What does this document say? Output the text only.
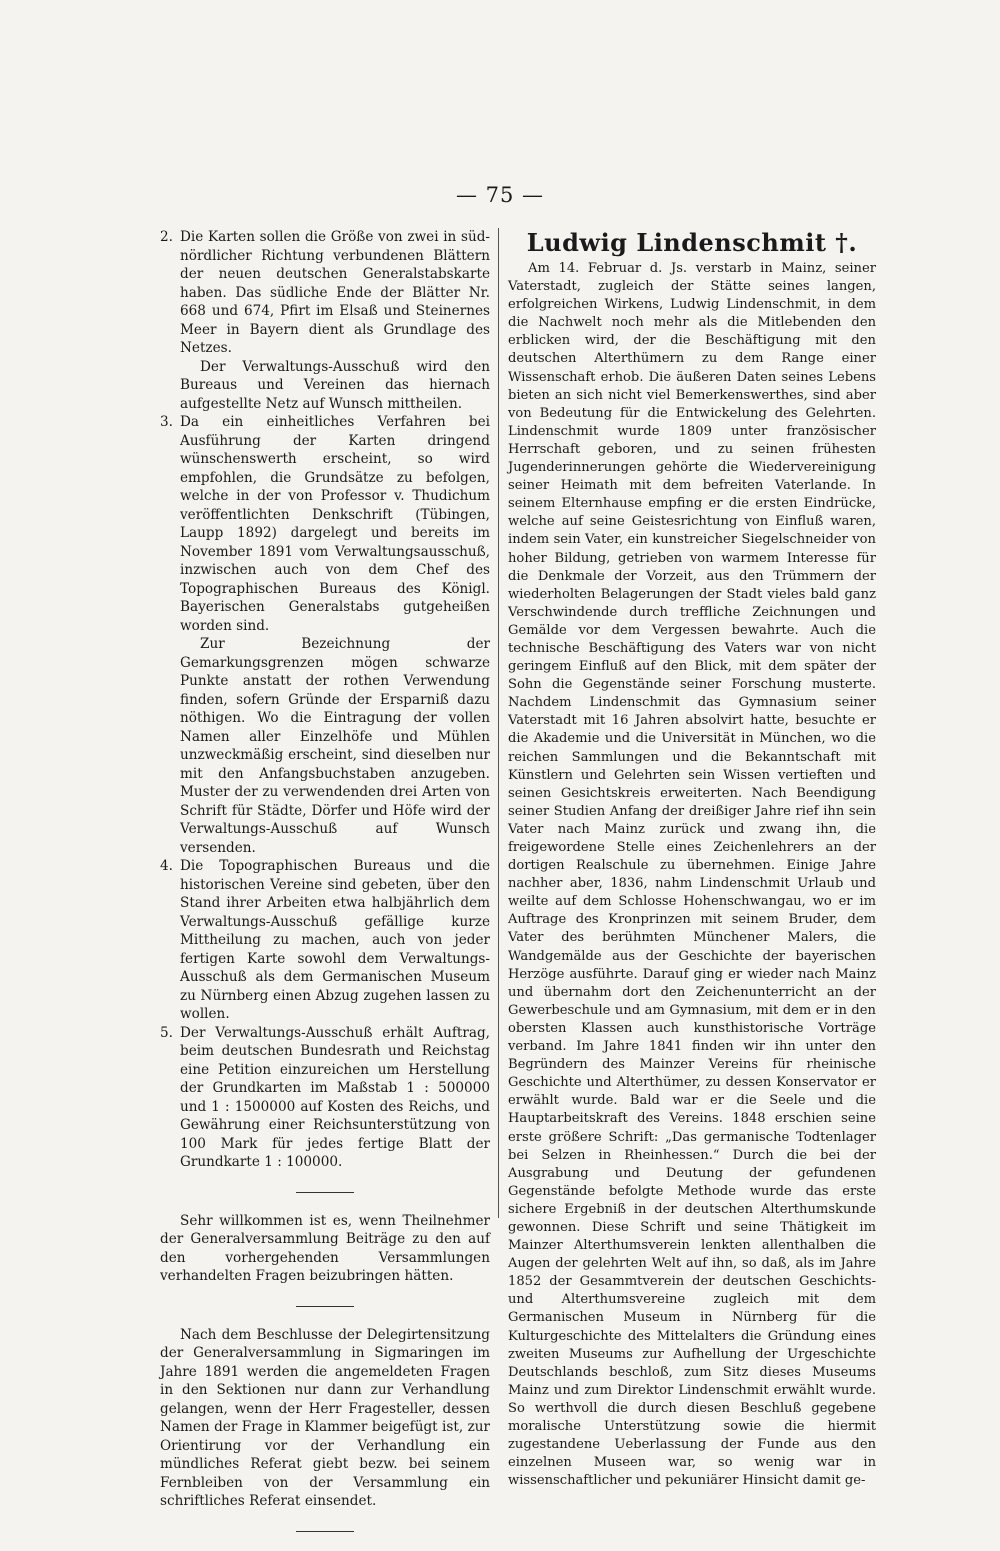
— 75 —
2. Die Karten sollen die Größe von zwei in süd-nördlicher Richtung verbundenen Blättern der neuen deutschen Generalstabskarte haben. Das südliche Ende der Blätter Nr. 668 und 674, Pfirt im Elsaß und Steinernes Meer in Bayern dient als Grundlage des Netzes.

Der Verwaltungs-Ausschuß wird den Bureaus und Vereinen das hiernach aufgestellte Netz auf Wunsch mittheilen.

3. Da ein einheitliches Verfahren bei Ausführung der Karten dringend wünschenswerth erscheint, so wird empfohlen, die Grundsätze zu befolgen, welche in der von Professor v. Thudichum veröffentlichten Denkschrift (Tübingen, Laupp 1892) dargelegt und bereits im November 1891 vom Verwaltungsausschuß, inzwischen auch von dem Chef des Topographischen Bureaus des Königl. Bayerischen Generalstabs gutgeheißen worden sind.

Zur Bezeichnung der Gemarkungsgrenzen mögen schwarze Punkte anstatt der rothen Verwendung finden, sofern Gründe der Ersparniß dazu nöthigen. Wo die Eintragung der vollen Namen aller Einzelhöfe und Mühlen unzweckmäßig erscheint, sind dieselben nur mit den Anfangsbuchstaben anzugeben. Muster der zu verwendenden drei Arten von Schrift für Städte, Dörfer und Höfe wird der Verwaltungs-Ausschuß auf Wunsch versenden.

4. Die Topographischen Bureaus und die historischen Vereine sind gebeten, über den Stand ihrer Arbeiten etwa halbjährlich dem Verwaltungs-Ausschuß gefällige kurze Mittheilung zu machen, auch von jeder fertigen Karte sowohl dem Verwaltungs-Ausschuß als dem Germanischen Museum zu Nürnberg einen Abzug zugehen lassen zu wollen.

5. Der Verwaltungs-Ausschuß erhält Auftrag, beim deutschen Bundesrath und Reichstag eine Petition einzureichen um Herstellung der Grundkarten im Maßstab 1 : 500000 und 1 : 1500000 auf Kosten des Reichs, und Gewährung einer Reichsunterstützung von 100 Mark für jedes fertige Blatt der Grundkarte 1 : 100000.

Sehr willkommen ist es, wenn Theilnehmer der Generalversammlung Beiträge zu den auf den vorhergehenden Versammlungen verhandelten Fragen beizubringen hätten.

Nach dem Beschlusse der Delegirtensitzung der Generalversammlung in Sigmaringen im Jahre 1891 werden die angemeldeten Fragen in den Sektionen nur dann zur Verhandlung gelangen, wenn der Herr Fragesteller, dessen Namen der Frage in Klammer beigefügt ist, zur Orientirung vor der Verhandlung ein mündliches Referat giebt bezw. bei seinem Fernbleiben von der Versammlung ein schriftliches Referat einsendet.

Ludwig Lindenschmit †.

Am 14. Februar d. Js. verstarb in Mainz, seiner Vaterstadt, zugleich der Stätte seines langen, erfolgreichen Wirkens, Ludwig Lindenschmit, in dem die Nachwelt noch mehr als die Mitlebenden den erblicken wird, der die Beschäftigung mit den deutschen Alterthümern zu dem Range einer Wissenschaft erhob. Die äußeren Daten seines Lebens bieten an sich nicht viel Bemerkenswerthes, sind aber von Bedeutung für die Entwickelung des Gelehrten. Lindenschmit wurde 1809 unter französischer Herrschaft geboren, und zu seinen frühesten Jugenderinnerungen gehörte die Wiedervereinigung seiner Heimath mit dem befreiten Vaterlande. In seinem Elternhause empfing er die ersten Eindrücke, welche auf seine Geistesrichtung von Einfluß waren, indem sein Vater, ein kunstreicher Siegelschneider von hoher Bildung, getrieben von warmem Interesse für die Denkmale der Vorzeit, aus den Trümmern der wiederholten Belagerungen der Stadt vieles bald ganz Verschwindende durch treffliche Zeichnungen und Gemälde vor dem Vergessen bewahrte. Auch die technische Beschäftigung des Vaters war von nicht geringem Einfluß auf den Blick, mit dem später der Sohn die Gegenstände seiner Forschung musterte. Nachdem Lindenschmit das Gymnasium seiner Vaterstadt mit 16 Jahren absolvirt hatte, besuchte er die Akademie und die Universität in München, wo die reichen Sammlungen und die Bekanntschaft mit Künstlern und Gelehrten sein Wissen vertieften und seinen Gesichtskreis erweiterten. Nach Beendigung seiner Studien Anfang der dreißiger Jahre rief ihn sein Vater nach Mainz zurück und zwang ihn, die freigewordene Stelle eines Zeichenlehrers an der dortigen Realschule zu übernehmen. Einige Jahre nachher aber, 1836, nahm Lindenschmit Urlaub und weilte auf dem Schlosse Hohenschwangau, wo er im Auftrage des Kronprinzen mit seinem Bruder, dem Vater des berühmten Münchener Malers, die Wandgemälde aus der Geschichte der bayerischen Herzöge ausführte. Darauf ging er wieder nach Mainz und übernahm dort den Zeichenunterricht an der Gewerbeschule und am Gymnasium, mit dem er in den obersten Klassen auch kunsthistorische Vorträge verband. Im Jahre 1841 finden wir ihn unter den Begründern des Mainzer Vereins für rheinische Geschichte und Alterthümer, zu dessen Konservator er erwählt wurde. Bald war er die Seele und die Hauptarbeitskraft des Vereins. 1848 erschien seine erste größere Schrift: „Das germanische Todtenlager bei Selzen in Rheinhessen.“ Durch die bei der Ausgrabung und Deutung der gefundenen Gegenstände befolgte Methode wurde das erste sichere Ergebniß in der deutschen Alterthumskunde gewonnen. Diese Schrift und seine Thätigkeit im Mainzer Alterthumsverein lenkten allenthalben die Augen der gelehrten Welt auf ihn, so daß, als im Jahre 1852 der Gesammtverein der deutschen Geschichts- und Alterthumsvereine zugleich mit dem Germanischen Museum in Nürnberg für die Kulturgeschichte des Mittelalters die Gründung eines zweiten Museums zur Aufhellung der Urgeschichte Deutschlands beschloß, zum Sitz dieses Museums Mainz und zum Direktor Lindenschmit erwählt wurde. So werthvoll die durch diesen Beschluß gegebene moralische Unterstützung sowie die hiermit zugestandene Ueberlassung der Funde aus den einzelnen Museen war, so wenig war in wissenschaftlicher und pekuniärer Hinsicht damit ge-
